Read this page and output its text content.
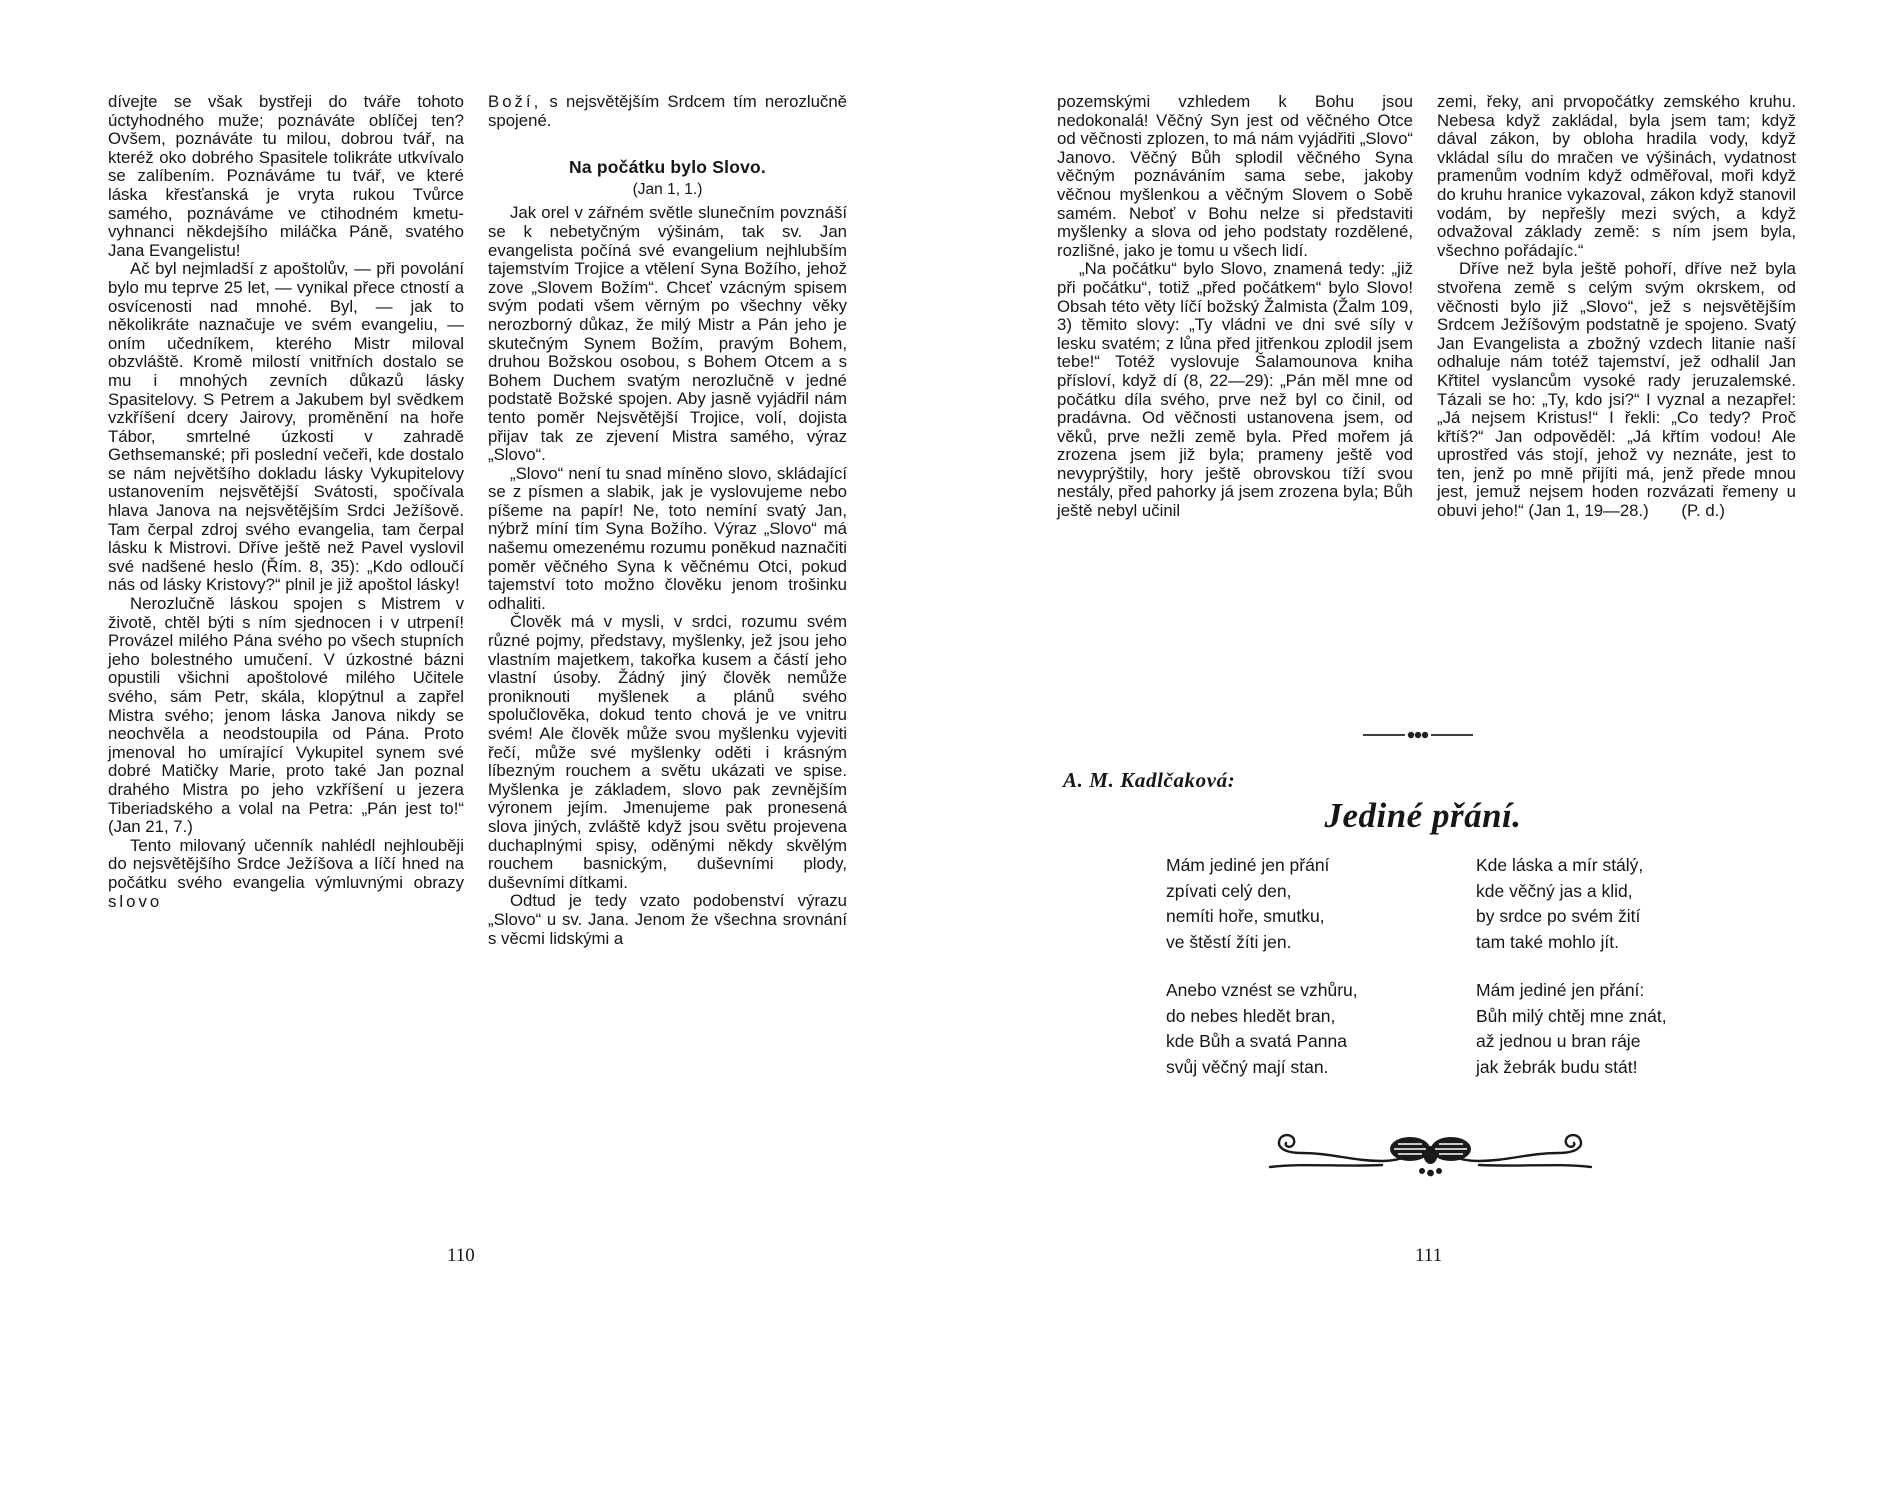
dívejte se však bystřeji do tváře tohoto úctyhodného muže; poznáváte oblíčej ten? Ovšem, poznáváte tu milou, dobrou tvář, na kteréž oko dobrého Spasitele tolikráte utkvívalo se zalíbením. Poznáváme tu tvář, ve které láska křesťanská je vryta rukou Tvůrce samého, poznáváme ve ctihodném kmetu-vyhnanci někdejšího miláčka Páně, svatého Jana Evangelistu!

Ač byl nejmladší z apoštolův, — při povolání bylo mu teprve 25 let, — vynikal přece ctností a osvícenosti nad mnohé. Byl, — jak to několikráte naznačuje ve svém evangeliu, — oním učedníkem, kterého Mistr miloval obzvláště. Kromě milostí vnitřních dostalo se mu i mnohých zevních důkazů lásky Spasitelovy. S Petrem a Jakubem byl svědkem vzkříšení dcery Jairovy, proměnění na hoře Tábor, smrtelné úzkosti v zahradě Gethsemanské; při poslední večeři, kde dostalo se nám největšího dokladu lásky Vykupitelovy ustanovením nejsvětější Svátosti, spočívala hlava Janova na nejsvětějším Srdci Ježíšově. Tam čerpal zdroj svého evangelia, tam čerpal lásku k Mistrovi. Dříve ještě než Pavel vyslovil své nadšené heslo (Řím. 8, 35): „Kdo odloučí nás od lásky Kristovy?“ plnil je již apoštol lásky!

Nerozlučně láskou spojen s Mistrem v životě, chtěl býti s ním sjednocen i v utrpení! Provázel milého Pána svého po všech stupních jeho bolestného umučení. V úzkostné bázni opustili všichni apoštolové milého Učitele svého, sám Petr, skála, klopýtnul a zapřel Mistra svého; jenom láska Janova nikdy se neochvěla a neodstoupila od Pána. Proto jmenoval ho umírající Vykupitel synem své dobré Matičky Marie, proto také Jan poznal drahého Mistra po jeho vzkříšení u jezera Tiberiadského a volal na Petra: „Pán jest to!“ (Jan 21, 7.)

Tento milovaný učenník nahlédl nejhlouběji do nejsvětějšího Srdce Ježíšova a líčí hned na počátku svého evangelia výmluvnými obrazy slovo

Boží, s nejsvětějším Srdcem tím nerozlučně spojené.

Na počátku bylo Slovo.
(Jan 1, 1.)

Jak orel v zářném světle slunečním povznáší se k nebetyčným výšinám, tak sv. Jan evangelista počíná své evangelium nejhlubším tajemstvím Trojice a vtělení Syna Božího, jehož zove „Slovem Božím“. Chceť vzácným spisem svým podati všem věrným po všechny věky nerozborný důkaz, že milý Mistr a Pán jeho je skutečným Synem Božím, pravým Bohem, druhou Božskou osobou, s Bohem Otcem a s Bohem Duchem svatým nerozlučně v jedné podstatě Božské spojen. Aby jasně vyjádřil nám tento poměr Nejsvětější Trojice, volí, dojista přijav tak ze zjevení Mistra samého, výraz „Slovo“.

„Slovo“ není tu snad míněno slovo, skládající se z písmen a slabik, jak je vyslovujeme nebo píšeme na papír! Ne, toto nemíní svatý Jan, nýbrž míní tím Syna Božího. Výraz „Slovo“ má našemu omezenému rozumu poněkud naznačiti poměr věčného Syna k věčnému Otci, pokud tajemství toto možno člověku jenom trošinku odhaliti.

Člověk má v mysli, v srdci, rozumu svém různé pojmy, představy, myšlenky, jež jsou jeho vlastním majetkem, takořka kusem a částí jeho vlastní úsoby. Žádný jiný člověk nemůže proniknouti myšlenek a plánů svého spolučlověka, dokud tento chová je ve vnitru svém! Ale člověk může svou myšlenku vyjeviti řečí, může své myšlenky oděti i krásným líbezným rouchem a světu ukázati ve spise. Myšlenka je základem, slovo pak zevnějším výronem jejím. Jmenujeme pak pronesená slova jiných, zvláště když jsou světu projevena duchaplnými spisy, oděnými někdy skvělým rouchem basnickým, duševními plody, duševními dítkami.

Odtud je tedy vzato podobenství výrazu „Slovo“ u sv. Jana. Jenom že všechna srovnání s věcmi lidskými a

110

pozemskými vzhledem k Bohu jsou nedokonalá! Věčný Syn jest od věčného Otce od věčnosti zplozen, to má nám vyjádřiti „Slovo“ Janovo. Věčný Bůh splodil věčného Syna věčným poznáváním sama sebe, jakoby věčnou myšlenkou a věčným Slovem o Sobě samém. Neboť v Bohu nelze si představiti myšlenky a slova od jeho podstaty rozdělené, rozlišné, jako je tomu u všech lidí.

„Na počátku“ bylo Slovo, znamená tedy: „již při počátku“, totiž „před počátkem“ bylo Slovo! Obsah této věty líčí božský Žalmista (Žalm 109, 3) těmito slovy: „Ty vládni ve dni své síly v lesku svatém; z lůna před jitřenkou zplodil jsem tebe!“ Totéž vyslovuje Šalamounova kniha přísloví, když dí (8, 22—29): „Pán měl mne od počátku díla svého, prve než byl co činil, od pradávna. Od věčnosti ustanovena jsem, od věků, prve nežli země byla. Před mořem já zrozena jsem již byla; prameny ještě vod nevyprýštily, hory ještě obrovskou tíží svou nestály, před pahorky já jsem zrozena byla; Bůh ještě nebyl učinil

zemi, řeky, ani prvopočátky zemského kruhu. Nebesa když zakládal, byla jsem tam; když dával zákon, by obloha hradila vody, když vkládal sílu do mračen ve výšinách, vydatnost pramenům vodním když odměřoval, moři když do kruhu hranice vykazoval, zákon když stanovil vodám, by nepřešly mezi svých, a když odvažoval základy země: s ním jsem byla, všechno pořádajíc.“

Dříve než byla ještě pohoří, dříve než byla stvořena země s celým svým okrskem, od věčnosti bylo již „Slovo“, jež s nejsvětějším Srdcem Ježíšovým podstatně je spojeno. Svatý Jan Evangelista a zbožný vzdech litanie naší odhaluje nám totéž tajemství, jež odhalil Jan Křtitel vyslancům vysoké rady jeruzalemské. Tázali se ho: „Ty, kdo jsi?“ I vyznal a nezapřel: „Já nejsem Kristus!“ I řekli: „Co tedy? Proč křtíš?“ Jan odpověděl: „Já křtím vodou! Ale uprostřed vás stojí, jehož vy neznáte, jest to ten, jenž po mně přijíti má, jenž přede mnou jest, jemuž nejsem hoden rozvázati řemeny u obuvi jeho!“ (Jan 1, 19—28.) (P. d.)

A. M. Kadlčaková:
Jediné přání.
Mám jediné jen přání
zpívati celý den,
nemíti hoře, smutku,
ve štěstí žíti jen.
Kde láska a mír stálý,
kde věčný jas a klid,
by srdce po svém žití
tam také mohlo jít.
Anebo vznést se vzhůru,
do nebes hledět bran,
kde Bůh a svatá Panna
svůj věčný mají stan.
Mám jediné jen přání:
Bůh milý chtěj mne znát,
až jednou u bran ráje
jak žebrák budu stát!
111
